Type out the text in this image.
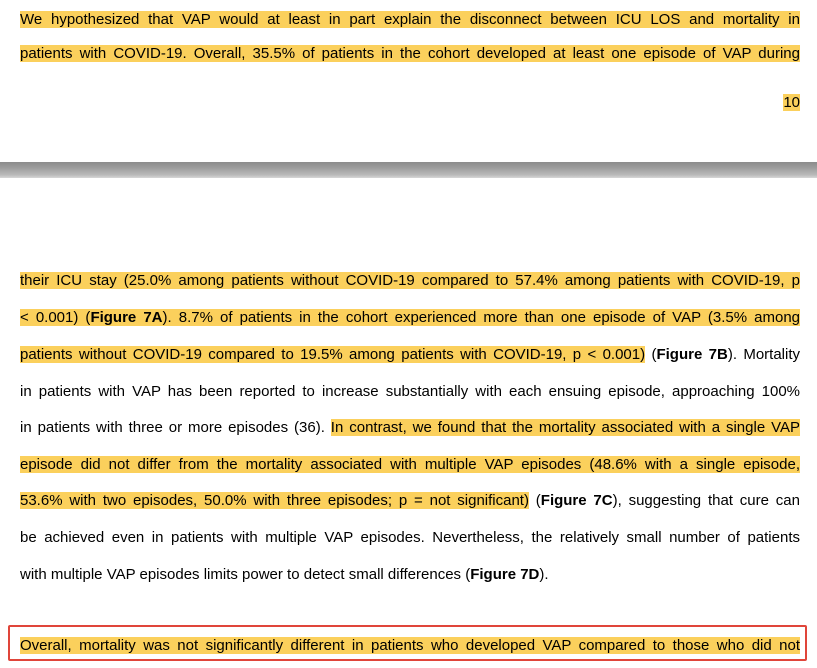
We hypothesized that VAP would at least in part explain the disconnect between ICU LOS and mortality in
patients with COVID-19. Overall, 35.5% of patients in the cohort developed at least one episode of VAP during
10
their ICU stay (25.0% among patients without COVID-19 compared to 57.4% among patients with COVID-19, p
< 0.001) (Figure 7A). 8.7% of patients in the cohort experienced more than one episode of VAP (3.5% among
patients without COVID-19 compared to 19.5% among patients with COVID-19, p < 0.001) (Figure 7B). Mortality
in patients with VAP has been reported to increase substantially with each ensuing episode, approaching 100%
in patients with three or more episodes (36). In contrast, we found that the mortality associated with a single VAP
episode did not differ from the mortality associated with multiple VAP episodes (48.6% with a single episode,
53.6% with two episodes, 50.0% with three episodes; p = not significant) (Figure 7C), suggesting that cure can
be achieved even in patients with multiple VAP episodes. Nevertheless, the relatively small number of patients
with multiple VAP episodes limits power to detect small differences (Figure 7D).
Overall, mortality was not significantly different in patients who developed VAP compared to those who did not
